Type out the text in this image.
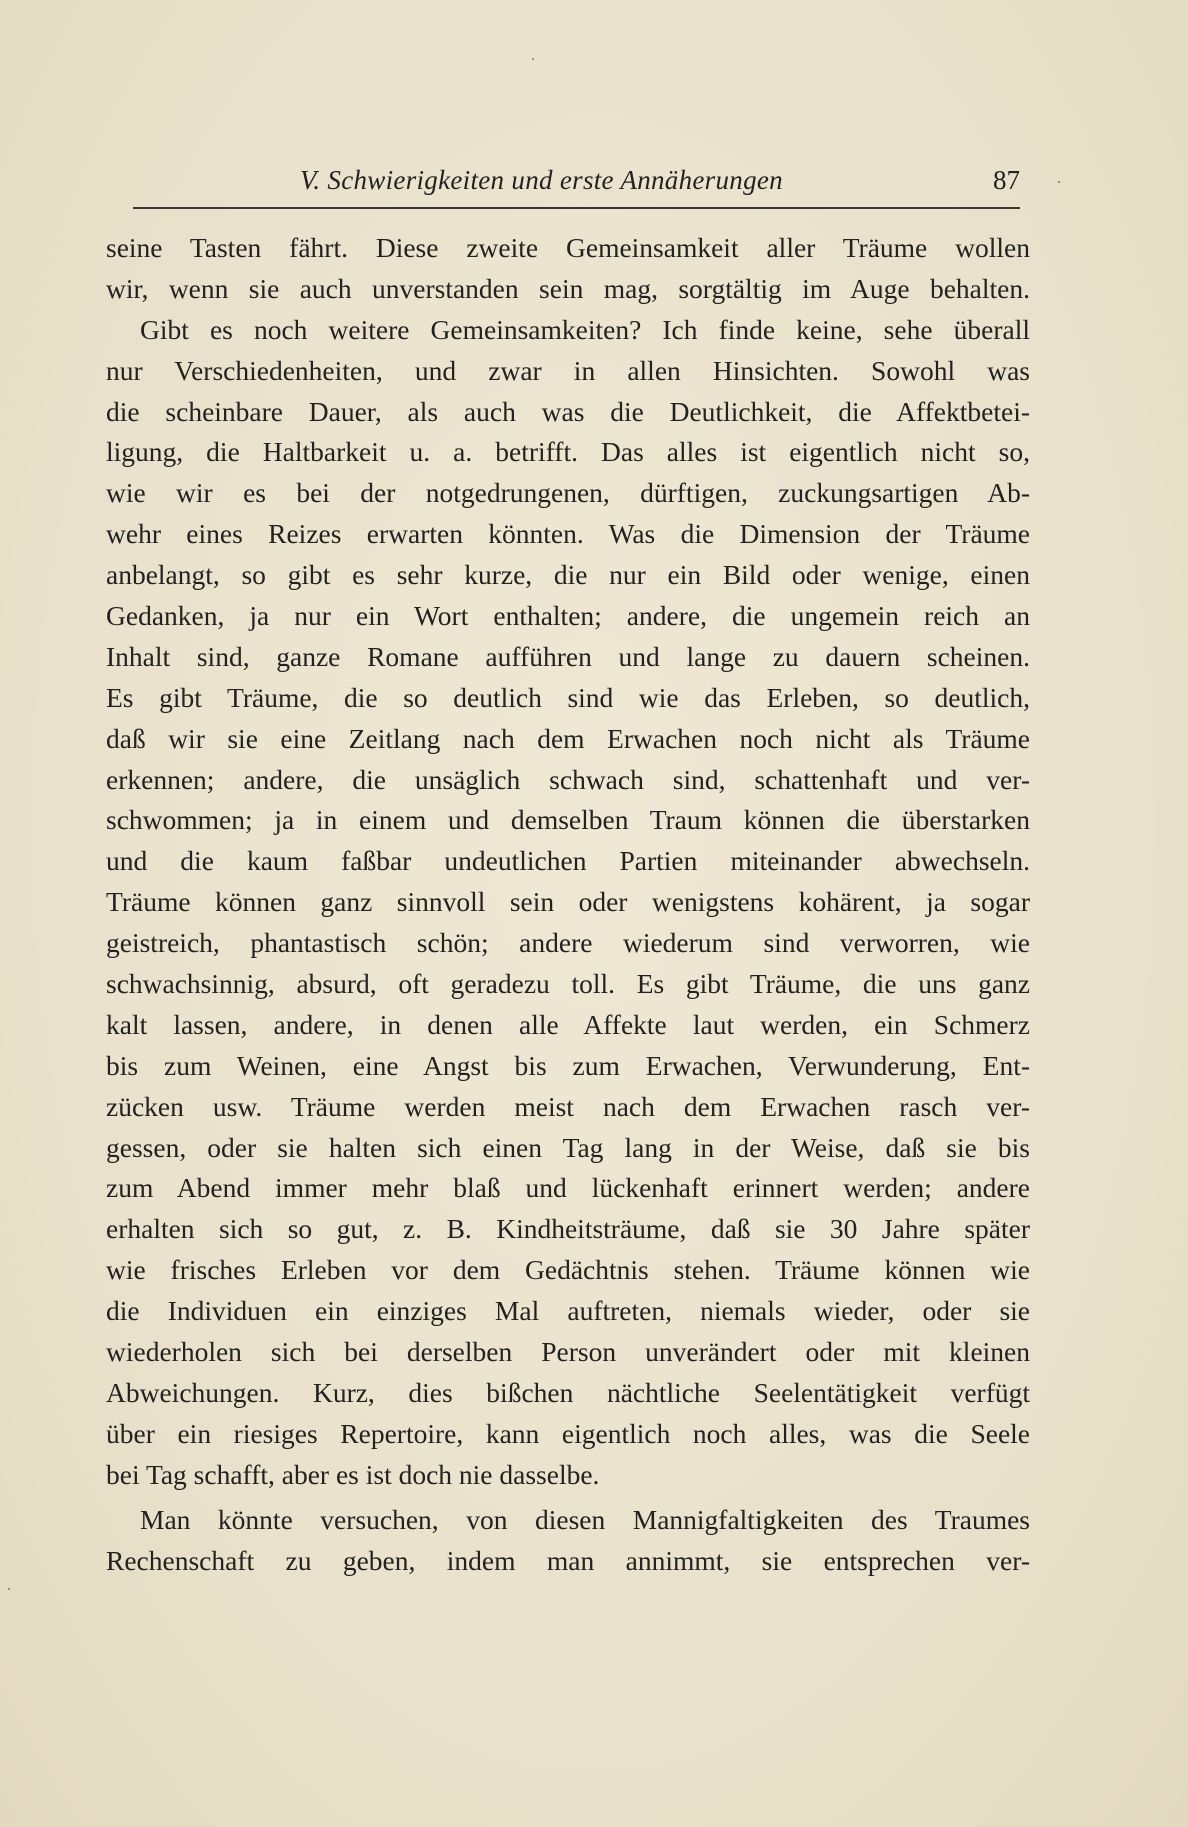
V. Schwierigkeiten und erste Annäherungen	87
seine Tasten fährt. Diese zweite Gemeinsamkeit aller Träume wollen
wir, wenn sie auch unverstanden sein mag, sorgtältig im Auge behalten.
Gibt es noch weitere Gemeinsamkeiten? Ich finde keine, sehe überall
nur Verschiedenheiten, und zwar in allen Hinsichten. Sowohl was
die scheinbare Dauer, als auch was die Deutlichkeit, die Affektbetei-
ligung, die Haltbarkeit u. a. betrifft. Das alles ist eigentlich nicht so,
wie wir es bei der notgedrungenen, dürftigen, zuckungsartigen Ab-
wehr eines Reizes erwarten könnten. Was die Dimension der Träume
anbelangt, so gibt es sehr kurze, die nur ein Bild oder wenige, einen
Gedanken, ja nur ein Wort enthalten; andere, die ungemein reich an
Inhalt sind, ganze Romane aufführen und lange zu dauern scheinen.
Es gibt Träume, die so deutlich sind wie das Erleben, so deutlich,
daß wir sie eine Zeitlang nach dem Erwachen noch nicht als Träume
erkennen; andere, die unsäglich schwach sind, schattenhaft und ver-
schwommen; ja in einem und demselben Traum können die überstarken
und die kaum faßbar undeutlichen Partien miteinander abwechseln.
Träume können ganz sinnvoll sein oder wenigstens kohärent, ja sogar
geistreich, phantastisch schön; andere wiederum sind verworren, wie
schwachsinnig, absurd, oft geradezu toll. Es gibt Träume, die uns ganz
kalt lassen, andere, in denen alle Affekte laut werden, ein Schmerz
bis zum Weinen, eine Angst bis zum Erwachen, Verwunderung, Ent-
zücken usw. Träume werden meist nach dem Erwachen rasch ver-
gessen, oder sie halten sich einen Tag lang in der Weise, daß sie bis
zum Abend immer mehr blaß und lückenhaft erinnert werden; andere
erhalten sich so gut, z. B. Kindheitsträume, daß sie 30 Jahre später
wie frisches Erleben vor dem Gedächtnis stehen. Träume können wie
die Individuen ein einziges Mal auftreten, niemals wieder, oder sie
wiederholen sich bei derselben Person unverändert oder mit kleinen
Abweichungen. Kurz, dies bißchen nächtliche Seelentätigkeit verfügt
über ein riesiges Repertoire, kann eigentlich noch alles, was die Seele
bei Tag schafft, aber es ist doch nie dasselbe.
Man könnte versuchen, von diesen Mannigfaltigkeiten des Traumes
Rechenschaft zu geben, indem man annimmt, sie entsprechen ver-
